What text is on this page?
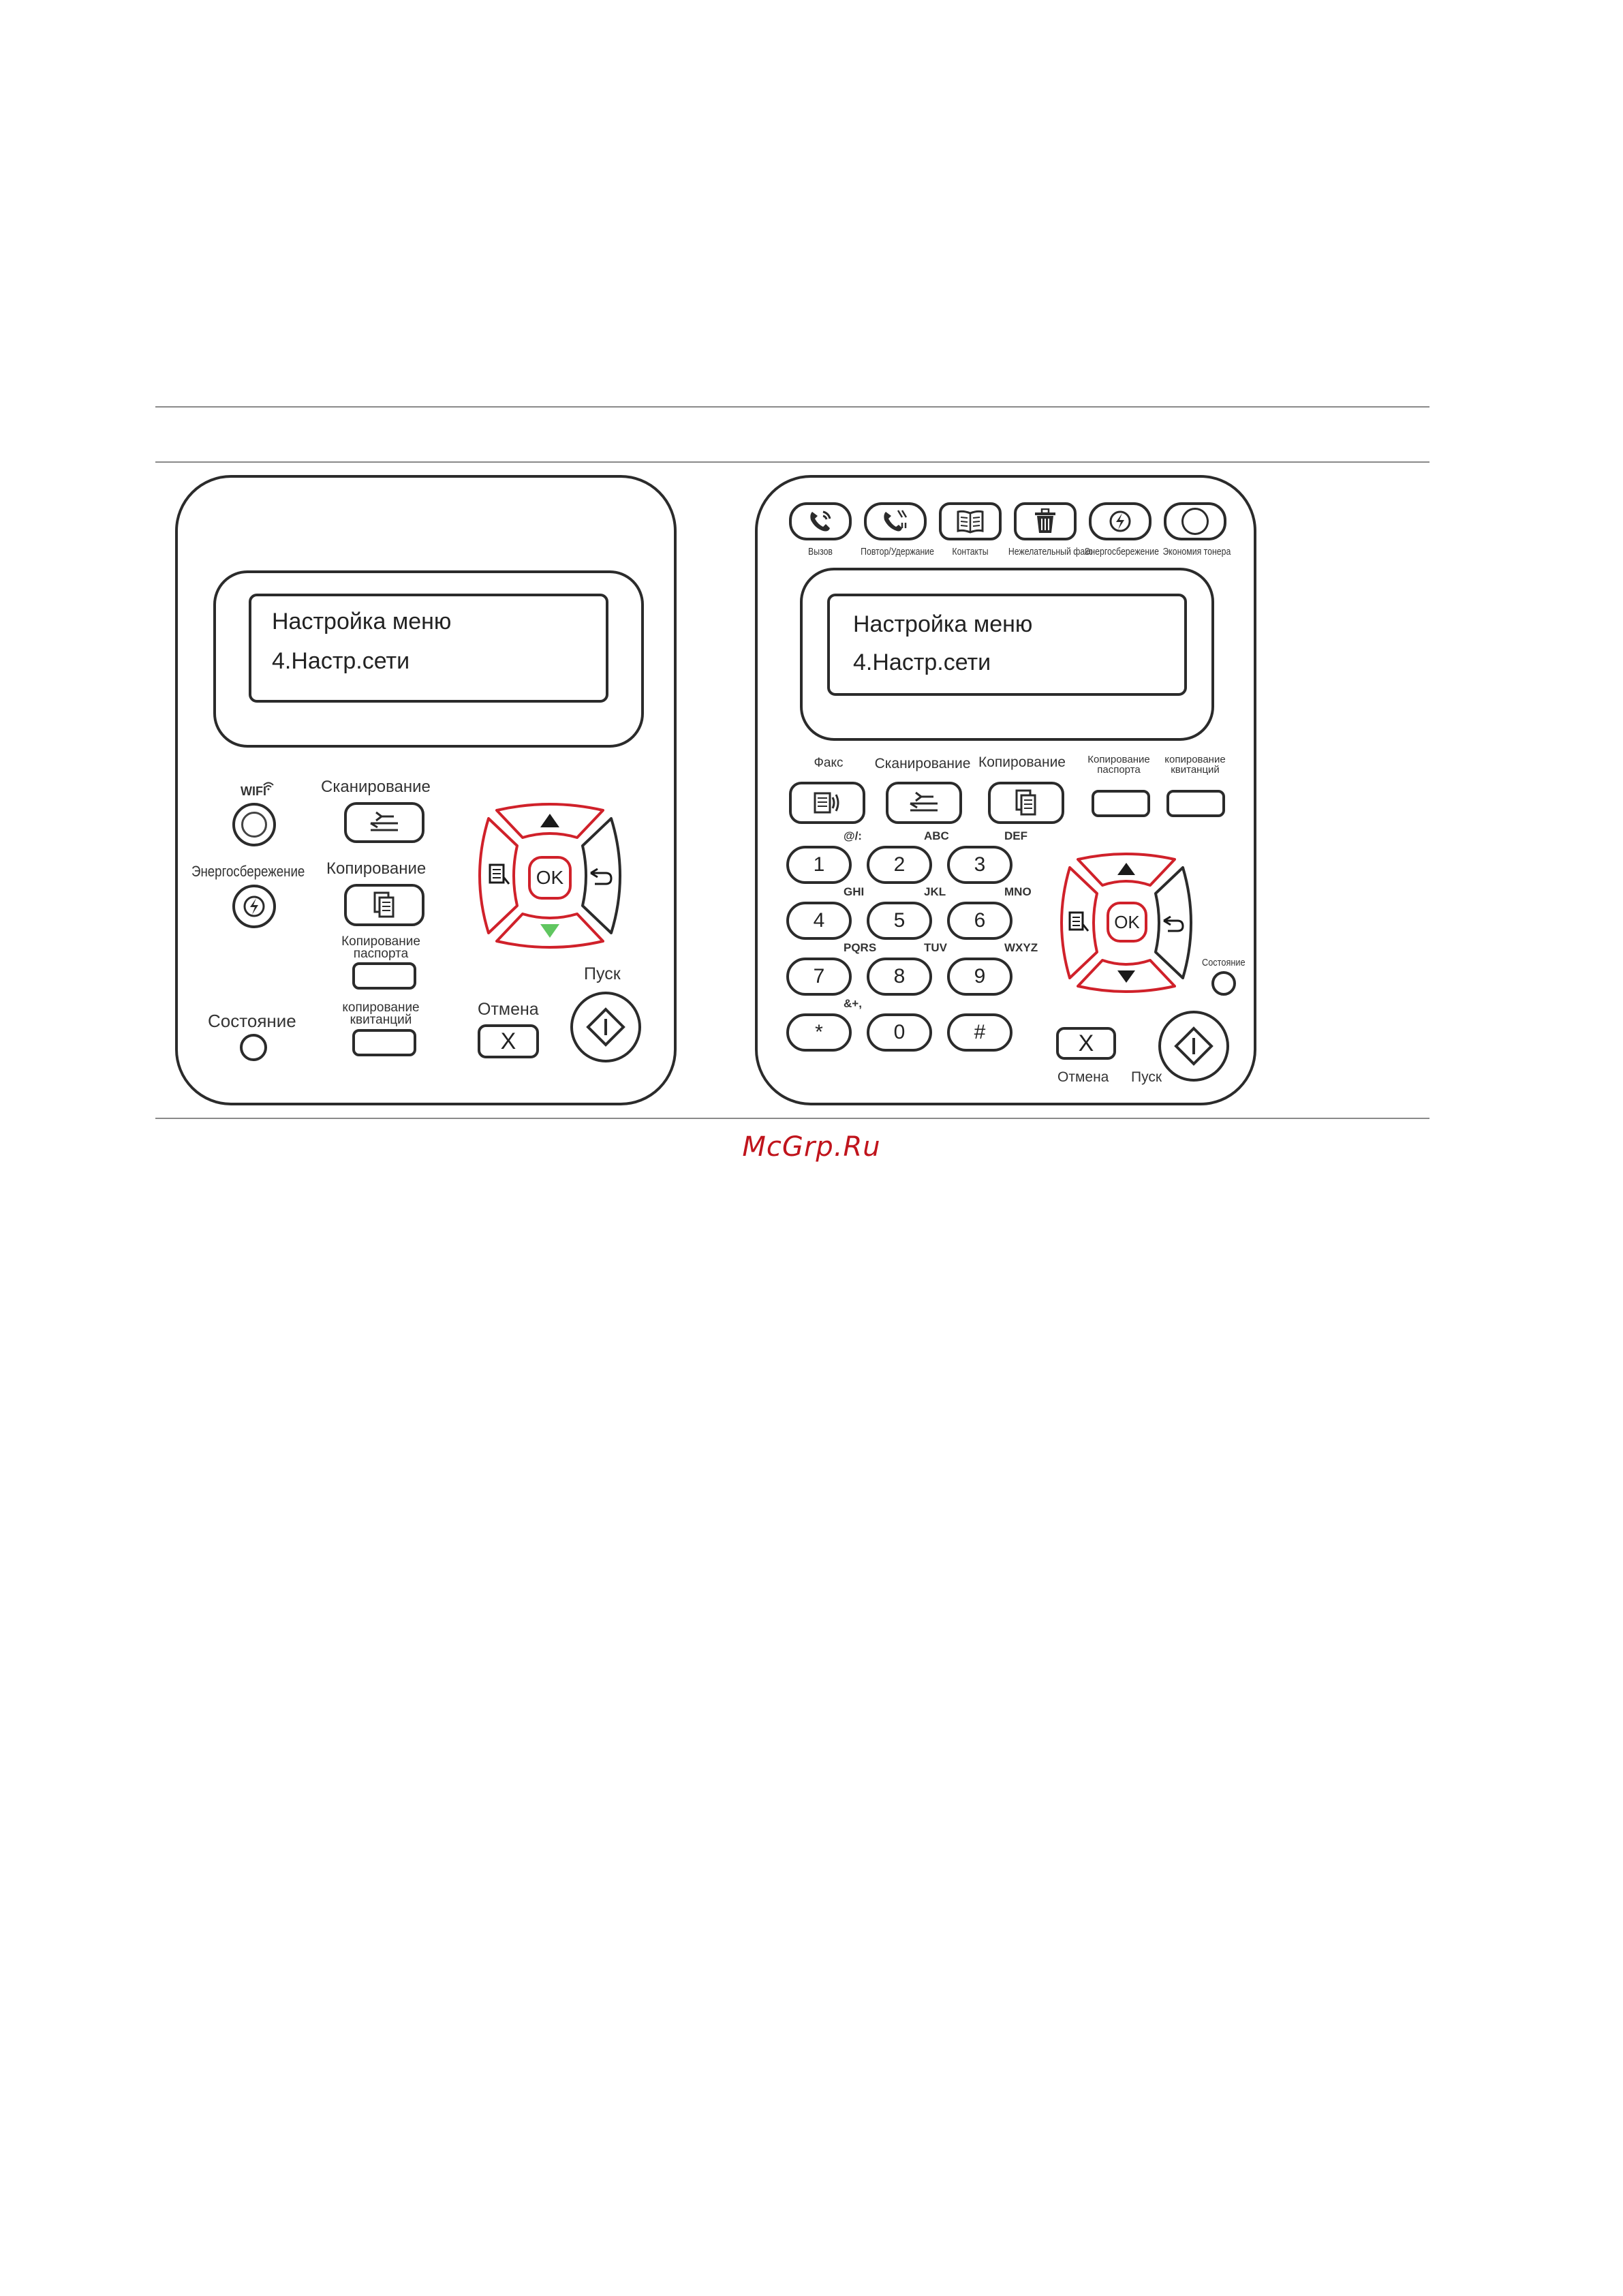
Настройка меню
4.Настр.сети
WIFI
Энергосбережение
Сканирование
Копирование
Копирование паспорта
копирование квитанций
Состояние
Отмена
X
Пуск
OK
Вызов	Повтор/Удержание	Контакты	Нежелательный факс
Энергосбережение Экономия тонера
Настройка меню
4.Настр.сети
Факс	Сканирование Копирование	Копирование паспорта
копирование квитанций
1
@/:
2
ABC
3
DEF
4
GHI
5
JKL
6
MNO
7
PQRS
8
TUV
9
WXYZ
*
&+,
0	#
Состояние
X
Отмена Пуск
OK
McGrp.Ru
